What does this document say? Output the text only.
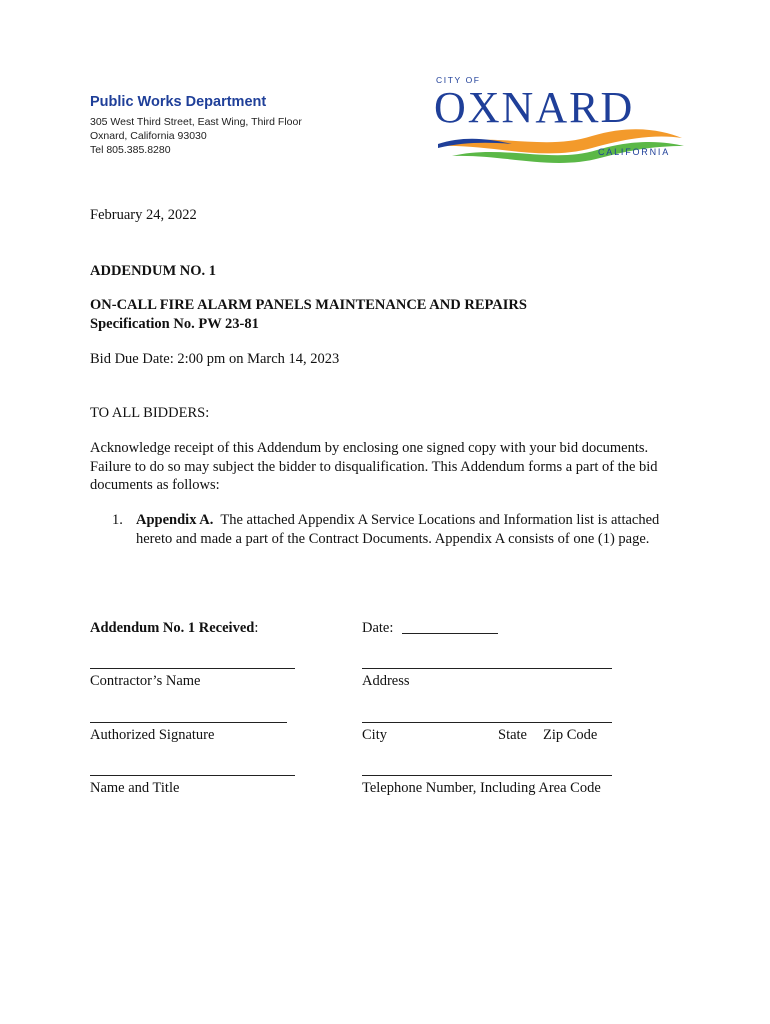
Public Works Department
305 West Third Street, East Wing, Third Floor
Oxnard, California 93030
Tel 805.385.8280
CITY OF
OXNARD
CALIFORNIA
February 24, 2022
ADDENDUM NO. 1
ON-CALL FIRE ALARM PANELS MAINTENANCE AND REPAIRS
Specification No. PW 23-81
Bid Due Date: 2:00 pm on March 14, 2023
TO ALL BIDDERS:
Acknowledge receipt of this Addendum by enclosing one signed copy with your bid documents. Failure to do so may subject the bidder to disqualification. This Addendum forms a part of the bid documents as follows:
1. Appendix A. The attached Appendix A Service Locations and Information list is attached hereto and made a part of the Contract Documents. Appendix A consists of one (1) page.
Addendum No. 1 Received:	Date:
Contractor’s Name	Address
Authorized Signature	City	State Zip Code
Name and Title	Telephone Number, Including Area Code
